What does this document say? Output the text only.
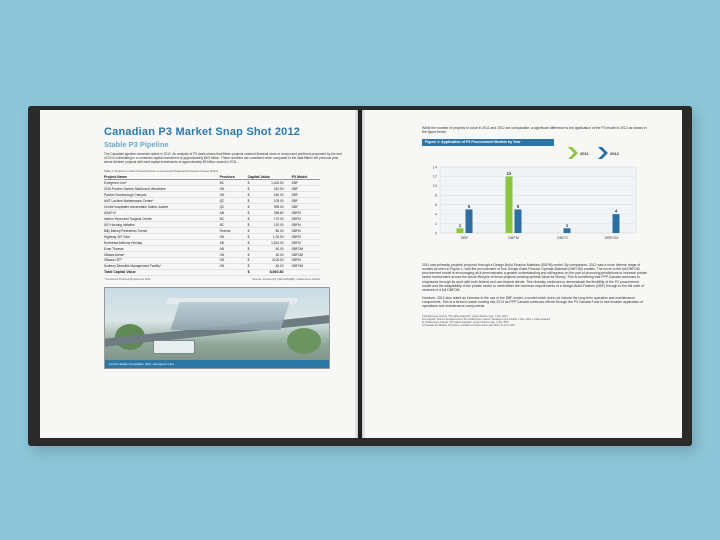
Canadian P3 Market Snap Shot 2012
Stable P3 Pipeline

The Canadian pipeline remained stable in 2012. An analysis of P3 deals shows that fifteen projects reached financial close or announced preferred proponent by the end of 2012 culminating in a combined capital investment of approximately $8.5 billion. These numbers are consistent when compared to the data fifteen the previous year, where thirteen projects with total capital investments of approximately $9 billion closed in 2011.

Table 2: Projects to reach Financial Close or announced Preferred Proponent Closed (2012)
Project Name	Province	Capital Value		P3 Model
Evergreen Line*	BC	$	1,400.00	DBF
2015 PanAm Games Stadia and Velodrome	ON	$	210.00	DBF
PanAm Scarborough Campus	ON	$	160.00	DBF
AMT Lachine Maintenance Centre*	QC	$	105.00	DBF
Centre hospitalier universitaire Sainte-Justine	QC	$	995.00	DBF
ASAP III	AB	$	288.80	DBFM
Interior Heart and Surgical Centre	BC	$	170.00	DBFM
SIO Housing Initiative	BC	$	120.00	DBFM
Billy Bishop Pedestrian Tunnel	Federal	$	80.00	DBFM
Highway 407 East	ON	$	1,00.00	DBFM
Northeast Anthony Henday	AB	$	1,810.00	DBFM
Evan Thomas	AB	$	60.00	DBFOM
Ottawa Arena*	ON	$	30.00	DBFOM
Ottawa LRT*	ON	$	2100.00	DBFM
Sudbury Biosolids Management Facility*	ON	$	45.00	DBFOM
Total Capital Value		$	8,560.80	
* Announced Preferred Proponent in 2012	Sources: Invesio.com, PartnershipsBC, Infrastructure Ontario
Lincoln Station (Coquitlam, BC) - Evergreen Line

While the number of projects to close in 2011 and 2012 are comparable, a significant difference is the application of the P3 model in 2012 as shown in the figure below.

Figure 1: Application of P3 Procurement Models by Year
0
2
4
6
8
10
12
14
1
5
DBF
12
5
DBFM
1
DBFO
4
DBFOM
2011	2012

2011 saw primarily projects procured through a Design-Build-Finance-Maintain (DBFM) model. By comparison, 2012 saw a more diverse range of models as seen in Figure 1, with the procurement of four Design-Build-Finance-Operate-Maintain (DBFOM) models. The move to the full DBFOM procurement model is encouraging as it demonstrates a greater understanding and willingness on the part of procuring jurisdictions to increase private sector involvement across the whole lifecycle of these projects creating optimal Value for Money. This is something that PPP Canada continues to emphasize through its work with both federal and non-federal clients. This diversity continues to demonstrate the flexibility of the P3 procurement model and the adaptability of the private sector to meet either the minimum requirements of a Design-Build-Finance (DBF) through to the full suite of services of a full DBFOM.

However, 2012 also noted an increase in the use of the DBF model, a model which does not include the long-term operation and maintenance components. This is a trend to watch moving into 2013 as PPP Canada continues efforts through the P3 Canada Fund to see broader application of operations and maintenance components.

9 Infrastructure Journal, "P3 market snapshot", project finance mag., 3 Jan. 2013
10 Longpath. "Recent developments in the infrastructure market" message to ppp canada. 1 Dec. 2012. e-mail newsletter
11 Infrastructure Journal, "P3 market snapshot", project finance mag., 3 Jan. 2013
12 Canada: the Ministry of Finance, Canada's economic action plan 2013, 21 Feb. 2013
